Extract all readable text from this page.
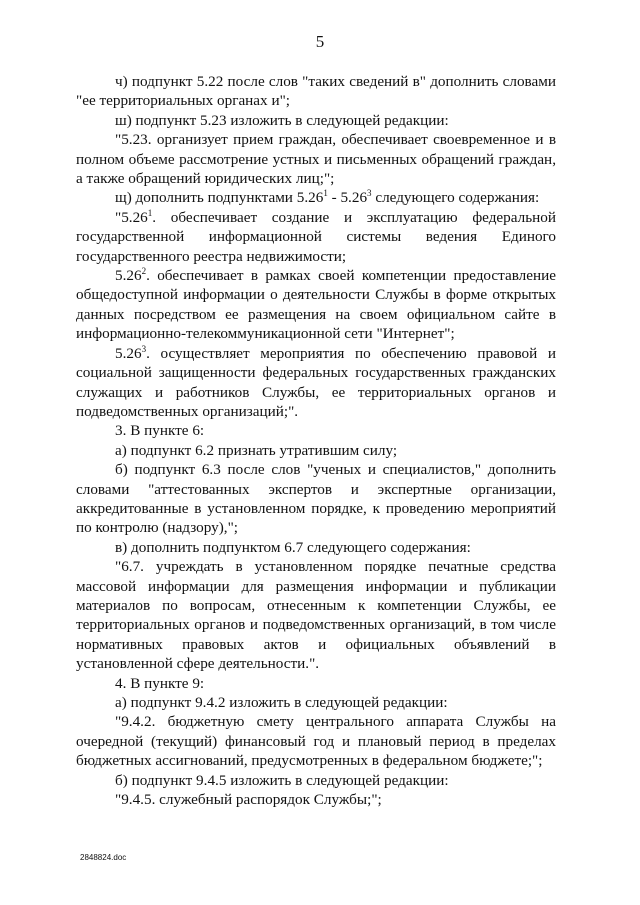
5

ч) подпункт 5.22 после слов "таких сведений в" дополнить словами "ее территориальных органах и";

ш) подпункт 5.23 изложить в следующей редакции:

"5.23. организует прием граждан, обеспечивает своевременное и в полном объеме рассмотрение устных и письменных обращений граждан, а также обращений юридических лиц;";

щ) дополнить подпунктами 5.26$^1$ - 5.26$^3$ следующего содержания:

"5.26$^1$. обеспечивает создание и эксплуатацию федеральной государственной информационной системы ведения Единого государственного реестра недвижимости;

5.26$^2$. обеспечивает в рамках своей компетенции предоставление общедоступной информации о деятельности Службы в форме открытых данных посредством ее размещения на своем официальном сайте в информационно-телекоммуникационной сети "Интернет";

5.26$^3$. осуществляет мероприятия по обеспечению правовой и социальной защищенности федеральных государственных гражданских служащих и работников Службы, ее территориальных органов и подведомственных организаций;".

3. В пункте 6:

а) подпункт 6.2 признать утратившим силу;

б) подпункт 6.3 после слов "ученых и специалистов," дополнить словами "аттестованных экспертов и экспертные организации, аккредитованные в установленном порядке, к проведению мероприятий по контролю (надзору),";

в) дополнить подпунктом 6.7 следующего содержания:

"6.7. учреждать в установленном порядке печатные средства массовой информации для размещения информации и публикации материалов по вопросам, отнесенным к компетенции Службы, ее территориальных органов и подведомственных организаций, в том числе нормативных правовых актов и официальных объявлений в установленной сфере деятельности.".

4. В пункте 9:

а) подпункт 9.4.2 изложить в следующей редакции:

"9.4.2. бюджетную смету центрального аппарата Службы на очередной (текущий) финансовый год и плановый период в пределах бюджетных ассигнований, предусмотренных в федеральном бюджете;";

б) подпункт 9.4.5 изложить в следующей редакции:

"9.4.5. служебный распорядок Службы;";

2848824.doc
